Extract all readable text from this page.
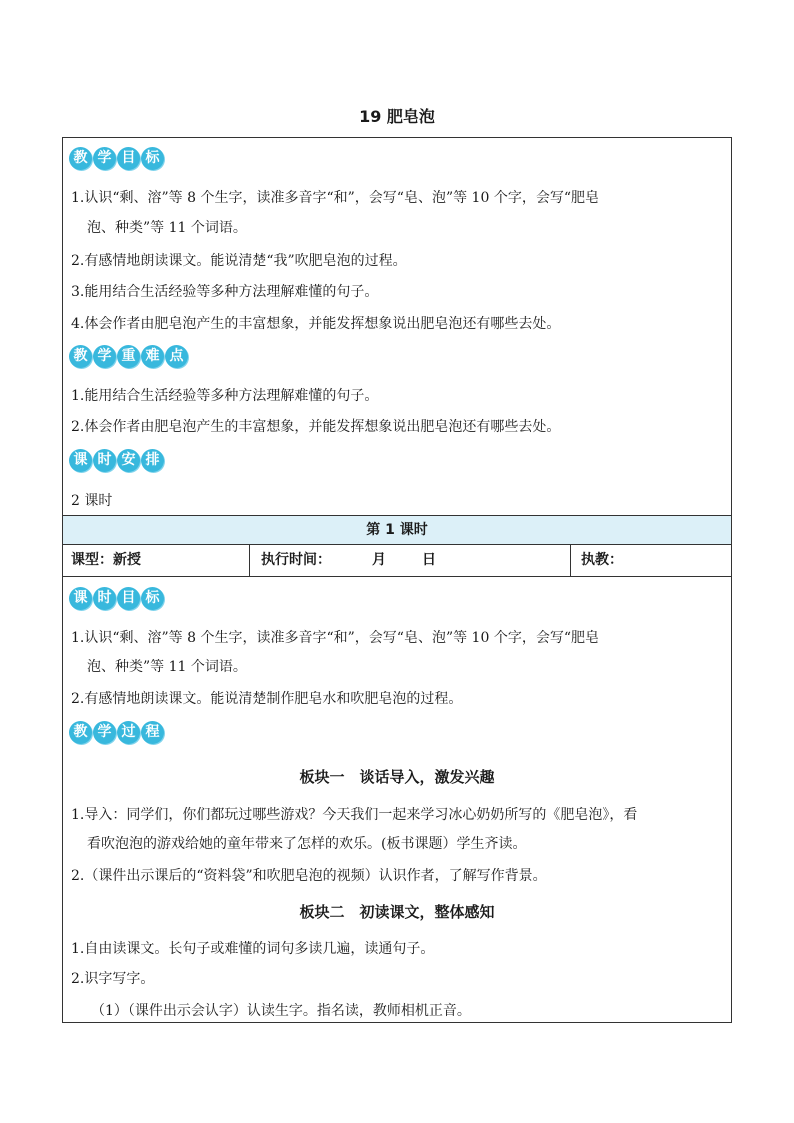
19 肥皂泡
教 学 目 标
1.认识“剩、溶”等 8 个生字，读准多音字“和”，会写“皂、泡”等 10 个字，会写“肥皂
泡、种类”等 11 个词语。
2.有感情地朗读课文。能说清楚“我”吹肥皂泡的过程。
3.能用结合生活经验等多种方法理解难懂的句子。
4.体会作者由肥皂泡产生的丰富想象，并能发挥想象说出肥皂泡还有哪些去处。
教 学 重 难 点
1.能用结合生活经验等多种方法理解难懂的句子。
2.体会作者由肥皂泡产生的丰富想象，并能发挥想象说出肥皂泡还有哪些去处。
课 时 安 排
2 课时
第 1 课时
课型：新授	执行时间：	月	日	执教：
课 时 目 标
1.认识“剩、溶”等 8 个生字，读准多音字“和”，会写“皂、泡”等 10 个字，会写“肥皂
泡、种类”等 11 个词语。
2.有感情地朗读课文。能说清楚制作肥皂水和吹肥皂泡的过程。
教 学 过 程
板块一　谈话导入，激发兴趣
1.导入：同学们，你们都玩过哪些游戏？今天我们一起来学习冰心奶奶所写的《肥皂泡》，看
看吹泡泡的游戏给她的童年带来了怎样的欢乐。(板书课题）学生齐读。
2.（课件出示课后的“资料袋”和吹肥皂泡的视频）认识作者，了解写作背景。
板块二　初读课文，整体感知
1.自由读课文。长句子或难懂的词句多读几遍，读通句子。
2.识字写字。
（1）（课件出示会认字）认读生字。指名读，教师相机正音。
